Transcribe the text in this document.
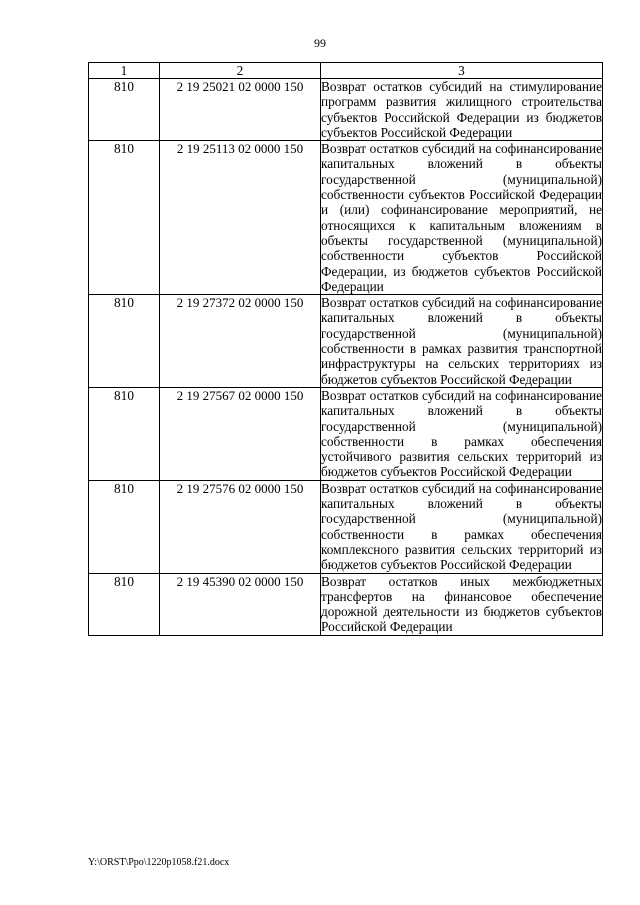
99
1	2	3
810	2 19 25021 02 0000 150	Возврат остатков субсидий на стимулирование программ развития жилищного строительства субъектов Российской Федерации из бюджетов субъектов Российской Федерации
810	2 19 25113 02 0000 150	Возврат остатков субсидий на софинансирование капитальных вложений в объекты государственной (муниципальной) собственности субъектов Российской Федерации и (или) софинансирование мероприятий, не относящихся к капитальным вложениям в объекты государственной (муниципальной) собственности субъектов Российской Федерации, из бюджетов субъектов Российской Федерации
810	2 19 27372 02 0000 150	Возврат остатков субсидий на софинансирование капитальных вложений в объекты государственной (муниципальной) собственности в рамках развития транспортной инфраструктуры на сельских территориях из бюджетов субъектов Российской Федерации
810	2 19 27567 02 0000 150	Возврат остатков субсидий на софинансирование капитальных вложений в объекты государственной (муниципальной) собственности в рамках обеспечения устойчивого развития сельских территорий из бюджетов субъектов Российской Федерации
810	2 19 27576 02 0000 150	Возврат остатков субсидий на софинансирование капитальных вложений в объекты государственной (муниципальной) собственности в рамках обеспечения комплексного развития сельских территорий из бюджетов субъектов Российской Федерации
810	2 19 45390 02 0000 150	Возврат остатков иных межбюджетных трансфертов на финансовое обеспечение дорожной деятельности из бюджетов субъектов Российской Федерации
Y:\ORST\Ppo\1220p1058.f21.docx
